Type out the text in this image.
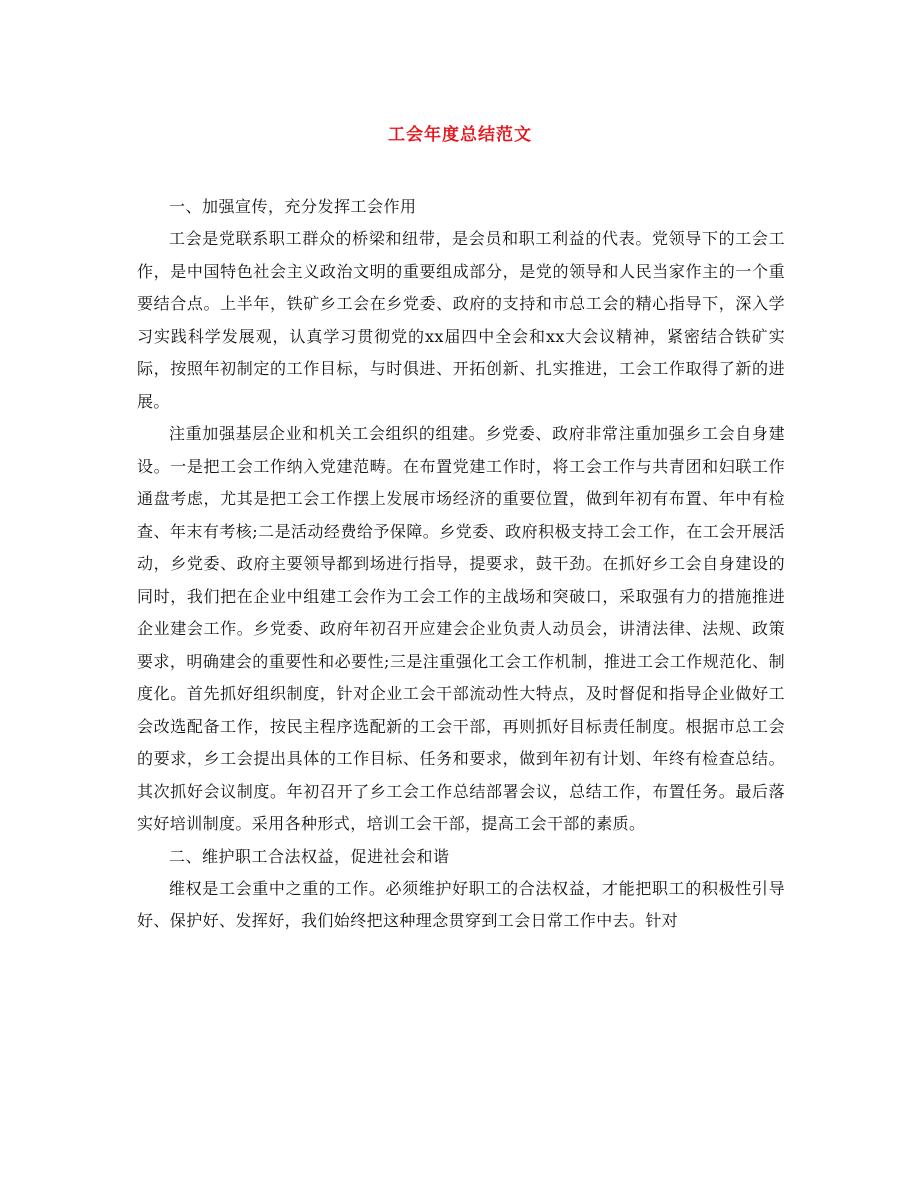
工会年度总结范文

一、加强宣传，充分发挥工会作用

工会是党联系职工群众的桥梁和纽带，是会员和职工利益的代表。党领导下的工会工作，是中国特色社会主义政治文明的重要组成部分，是党的领导和人民当家作主的一个重要结合点。上半年，铁矿乡工会在乡党委、政府的支持和市总工会的精心指导下，深入学习实践科学发展观，认真学习贯彻党的xx届四中全会和xx大会议精神，紧密结合铁矿实际，按照年初制定的工作目标，与时俱进、开拓创新、扎实推进，工会工作取得了新的进展。

注重加强基层企业和机关工会组织的组建。乡党委、政府非常注重加强乡工会自身建设。一是把工会工作纳入党建范畴。在布置党建工作时，将工会工作与共青团和妇联工作通盘考虑，尤其是把工会工作摆上发展市场经济的重要位置，做到年初有布置、年中有检查、年末有考核;二是活动经费给予保障。乡党委、政府积极支持工会工作，在工会开展活动，乡党委、政府主要领导都到场进行指导，提要求，鼓干劲。在抓好乡工会自身建设的同时，我们把在企业中组建工会作为工会工作的主战场和突破口，采取强有力的措施推进企业建会工作。乡党委、政府年初召开应建会企业负责人动员会，讲清法律、法规、政策要求，明确建会的重要性和必要性;三是注重强化工会工作机制，推进工会工作规范化、制度化。首先抓好组织制度，针对企业工会干部流动性大特点，及时督促和指导企业做好工会改选配备工作，按民主程序选配新的工会干部，再则抓好目标责任制度。根据市总工会的要求，乡工会提出具体的工作目标、任务和要求，做到年初有计划、年终有检查总结。其次抓好会议制度。年初召开了乡工会工作总结部署会议，总结工作，布置任务。最后落实好培训制度。采用各种形式，培训工会干部，提高工会干部的素质。

二、维护职工合法权益，促进社会和谐

维权是工会重中之重的工作。必须维护好职工的合法权益，才能把职工的积极性引导好、保护好、发挥好，我们始终把这种理念贯穿到工会日常工作中去。针对
